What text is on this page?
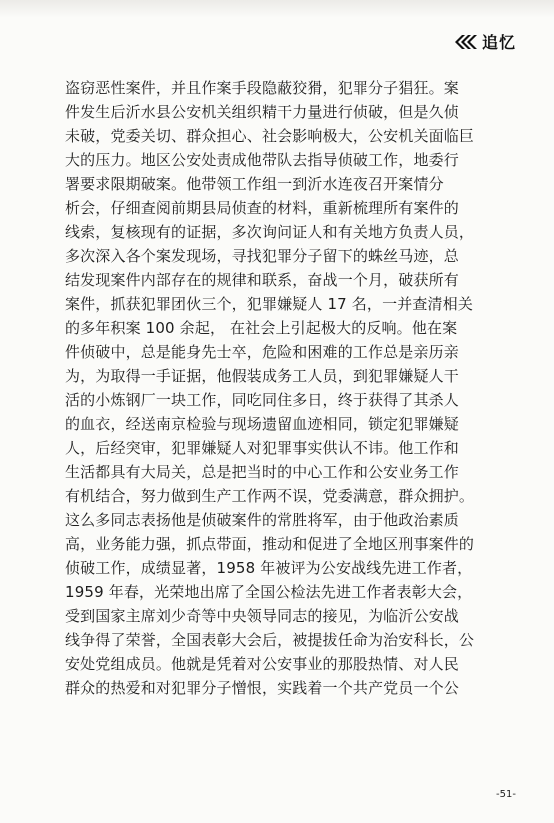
追忆
盗窃恶性案件，并且作案手段隐蔽狡猾，犯罪分子猖狂。案
件发生后沂水县公安机关组织精干力量进行侦破，但是久侦
未破，党委关切、群众担心、社会影响极大，公安机关面临巨
大的压力。地区公安处责成他带队去指导侦破工作，地委行
署要求限期破案。他带领工作组一到沂水连夜召开案情分
析会，仔细查阅前期县局侦查的材料，重新梳理所有案件的
线索，复核现有的证据，多次询问证人和有关地方负责人员，
多次深入各个案发现场，寻找犯罪分子留下的蛛丝马迹，总
结发现案件内部存在的规律和联系，奋战一个月，破获所有
案件，抓获犯罪团伙三个，犯罪嫌疑人 17 名，一并查清相关
的多年积案 100 余起， 在社会上引起极大的反响。他在案
件侦破中，总是能身先士卒，危险和困难的工作总是亲历亲
为，为取得一手证据，他假装成务工人员，到犯罪嫌疑人干
活的小炼钢厂一块工作，同吃同住多日，终于获得了其杀人
的血衣，经送南京检验与现场遗留血迹相同，锁定犯罪嫌疑
人，后经突审，犯罪嫌疑人对犯罪事实供认不讳。他工作和
生活都具有大局关，总是把当时的中心工作和公安业务工作
有机结合，努力做到生产工作两不误，党委满意，群众拥护。
这么多同志表扬他是侦破案件的常胜将军，由于他政治素质
高，业务能力强，抓点带面，推动和促进了全地区刑事案件的
侦破工作，成绩显著，1958 年被评为公安战线先进工作者，
1959 年春，光荣地出席了全国公检法先进工作者表彰大会，
受到国家主席刘少奇等中央领导同志的接见，为临沂公安战
线争得了荣誉，全国表彰大会后，被提拔任命为治安科长，公
安处党组成员。他就是凭着对公安事业的那股热情、对人民
群众的热爱和对犯罪分子憎恨，实践着一个共产党员一个公
-51-
